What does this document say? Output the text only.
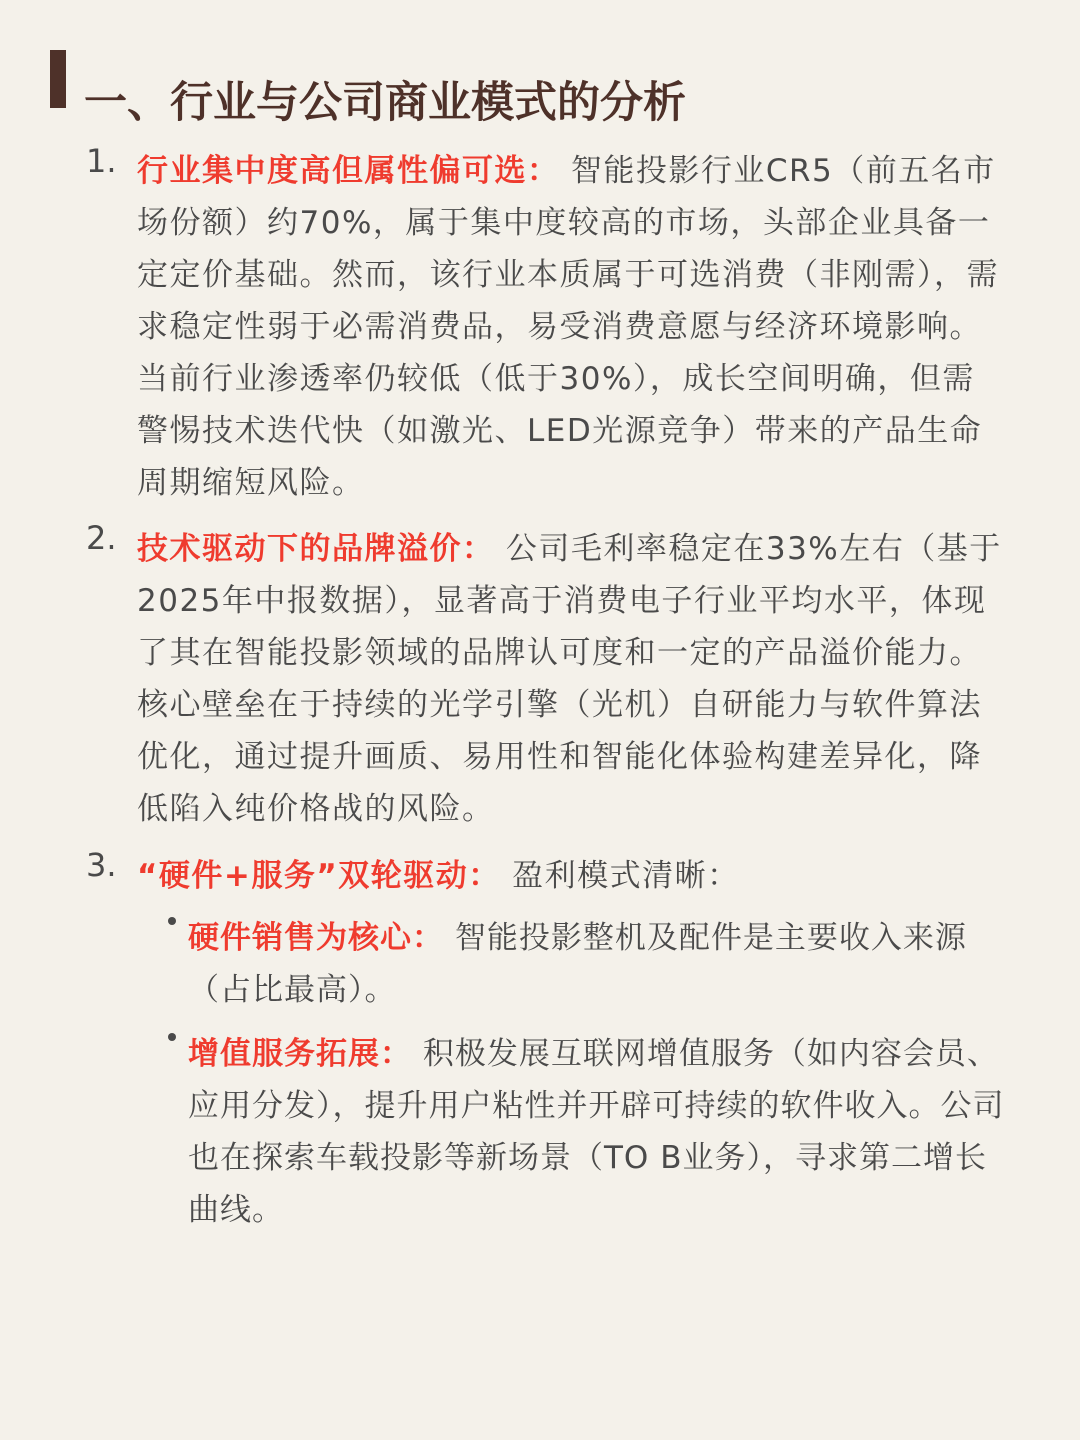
一、行业与公司商业模式的分析
1. 行业集中度高但属性偏可选： 智能投影行业CR5（前五名市场份额）约70%，属于集中度较高的市场，头部企业具备一定定价基础。然而，该行业本质属于可选消费（非刚需），需求稳定性弱于必需消费品，易受消费意愿与经济环境影响。当前行业渗透率仍较低（低于30%），成长空间明确，但需警惕技术迭代快（如激光、LED光源竞争）带来的产品生命周期缩短风险。

2. 技术驱动下的品牌溢价： 公司毛利率稳定在33%左右（基于2025年中报数据），显著高于消费电子行业平均水平，体现了其在智能投影领域的品牌认可度和一定的产品溢价能力。核心壁垒在于持续的光学引擎（光机）自研能力与软件算法优化，通过提升画质、易用性和智能化体验构建差异化，降低陷入纯价格战的风险。

3. “硬件+服务”双轮驱动： 盈利模式清晰：

硬件销售为核心： 智能投影整机及配件是主要收入来源（占比最高）。

增值服务拓展： 积极发展互联网增值服务（如内容会员、应用分发），提升用户粘性并开辟可持续的软件收入。公司也在探索车载投影等新场景（TO B业务），寻求第二增长曲线。
